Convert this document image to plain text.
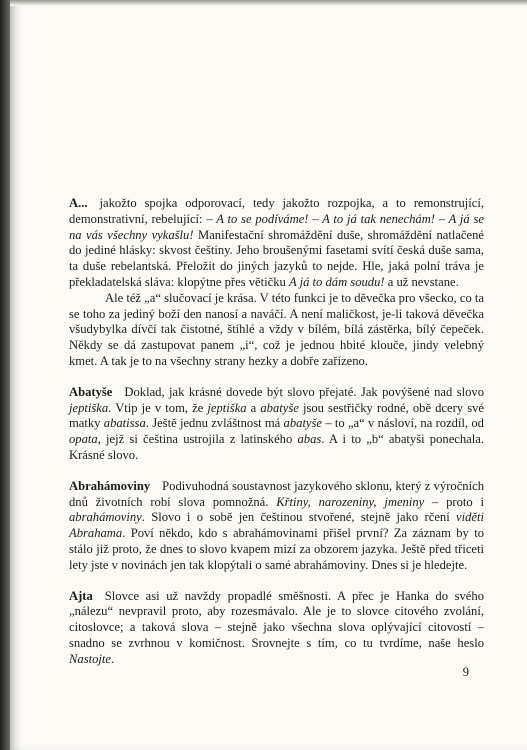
A... jakožto spojka odporovací, tedy jakožto rozpojka, a to remonstrující, demonstrativní, rebelující: – A to se podíváme! – A to já tak nenechám! – A já se na vás všechny vykašlu! Manifestační shromáždění duše, shromáždění natlačené do jediné hlásky: skvost češtiny. Jeho broušenými fasetami svítí česká duše sama, ta duše rebelantská. Přeložit do jiných jazyků to nejde. Hle, jaká polní tráva je překladatelská sláva: klopýtne přes větičku A já to dám soudu! a už nevstane.

Ale též „a“ slučovací je krása. V této funkci je to děvečka pro všecko, co ta se toho za jediný boží den nanosí a naváčí. A není maličkost, je-li taková děvečka všudybylka dívčí tak čistotné, štíhlé a vždy v bílém, bílá zástěrka, bílý čepeček. Někdy se dá zastupovat panem „i“, což je jednou hbité klouče, jindy velebný kmet. A tak je to na všechny strany hezky a dobře zařízeno.

Abatyše Doklad, jak krásné dovede být slovo přejaté. Jak povýšené nad slovo jeptiška. Vtip je v tom, že jeptiška a abatyše jsou sestřičky rodné, obě dcery své matky abatissa. Ještě jednu zvláštnost má abatyše – to „a“ v násloví, na rozdíl, od opata, jejž si čeština ustrojila z latinského abas. A i to „b“ abatyši ponechala. Krásné slovo.

Abrahámoviny Podivuhodná soustavnost jazykového sklonu, který z výročních dnů životních robí slova pomnožná. Křtiny, narozeniny, jmeniny – proto i abrahámoviny. Slovo i o sobě jen češtinou stvořené, stejně jako rčení viděti Abrahama. Poví někdo, kdo s abrahámovinami přišel první? Za záznam by to stálo již proto, že dnes to slovo kvapem mizí za obzorem jazyka. Ještě před třiceti lety jste v novinách jen tak klopýtali o samé abrahámoviny. Dnes si je hledejte.

Ajta Slovce asi už navždy propadlé směšnosti. A přec je Hanka do svého „nálezu“ nevpravil proto, aby rozesmávalo. Ale je to slovce citového zvolání, citoslovce; a taková slova – stejně jako všechna slova oplývající citovostí – snadno se zvrhnou v komičnost. Srovnejte s tím, co tu tvrdíme, naše heslo Nastojte.

9
